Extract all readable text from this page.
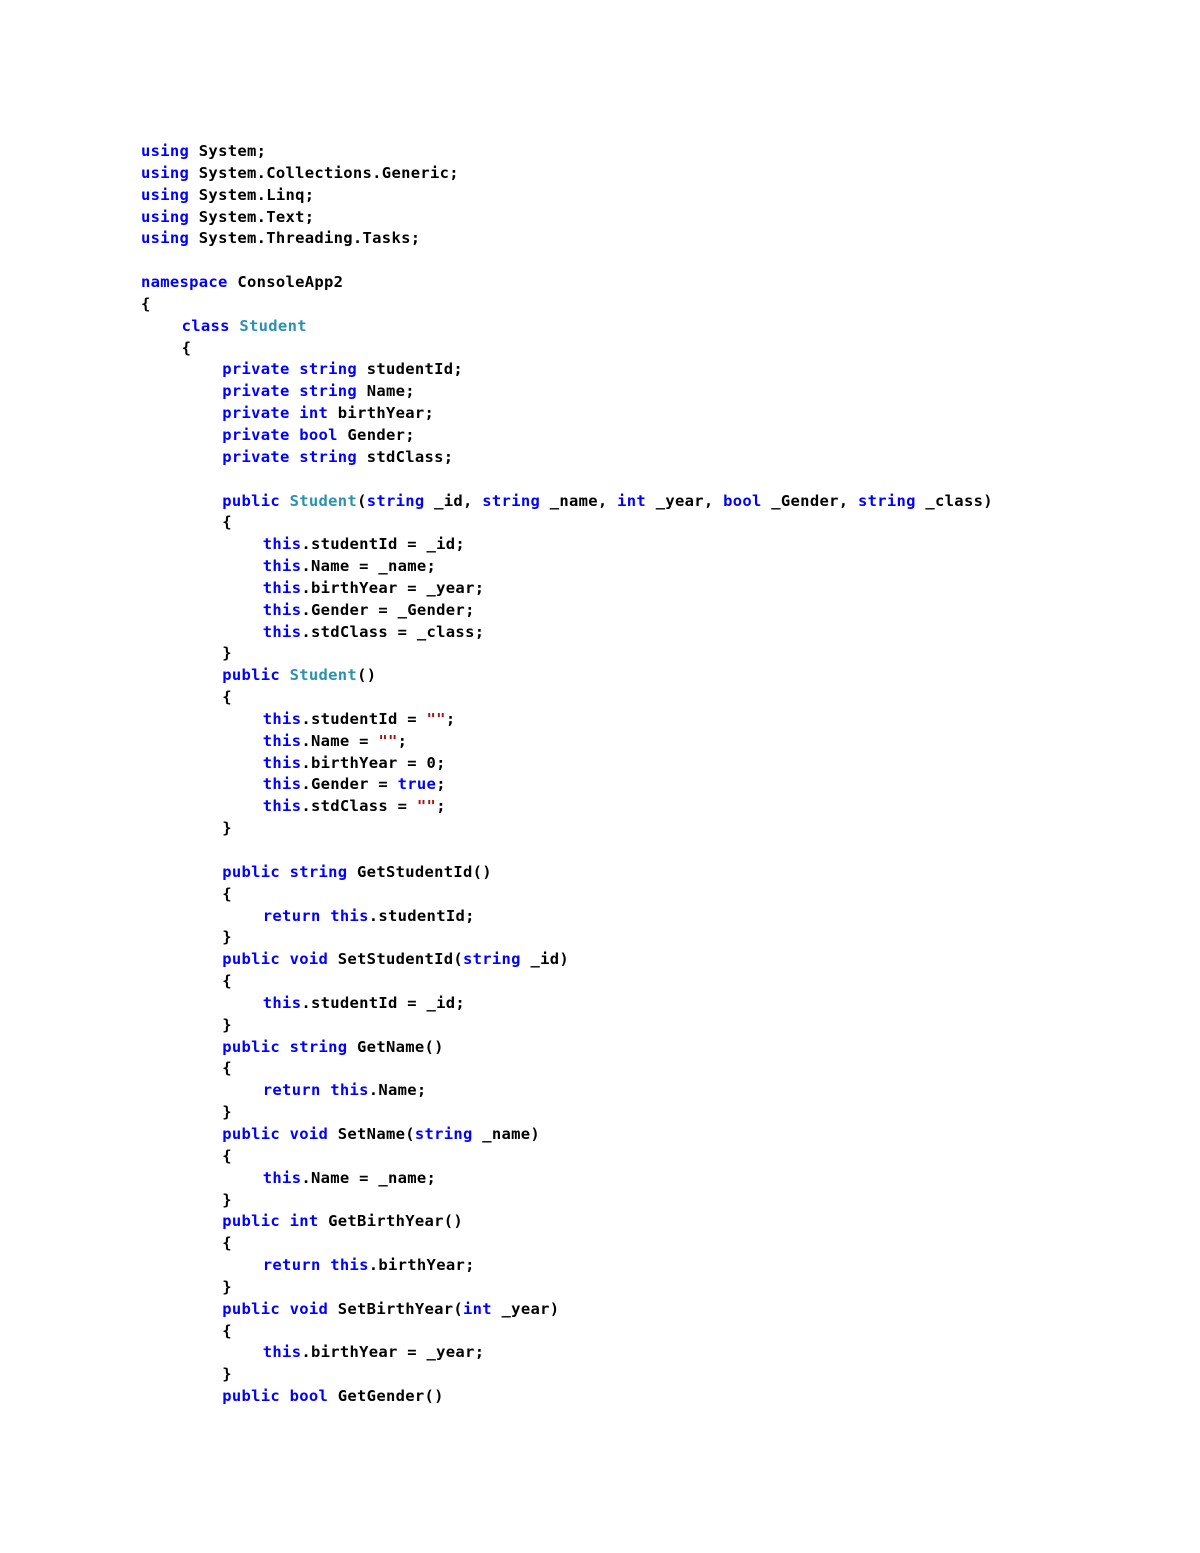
using System;
using System.Collections.Generic;
using System.Linq;
using System.Text;
using System.Threading.Tasks;
namespace ConsoleApp2
{
class Student
{
private string studentId;
private string Name;
private int birthYear;
private bool Gender;
private string stdClass;
public Student(string _id, string _name, int _year, bool _Gender, string _class)
{
this.studentId = _id;
this.Name = _name;
this.birthYear = _year;
this.Gender = _Gender;
this.stdClass = _class;
}
public Student()
{
this.studentId = "";
this.Name = "";
this.birthYear = 0;
this.Gender = true;
this.stdClass = "";
}
public string GetStudentId()
{
return this.studentId;
}
public void SetStudentId(string _id)
{
this.studentId = _id;
}
public string GetName()
{
return this.Name;
}
public void SetName(string _name)
{
this.Name = _name;
}
public int GetBirthYear()
{
return this.birthYear;
}
public void SetBirthYear(int _year)
{
this.birthYear = _year;
}
public bool GetGender()
